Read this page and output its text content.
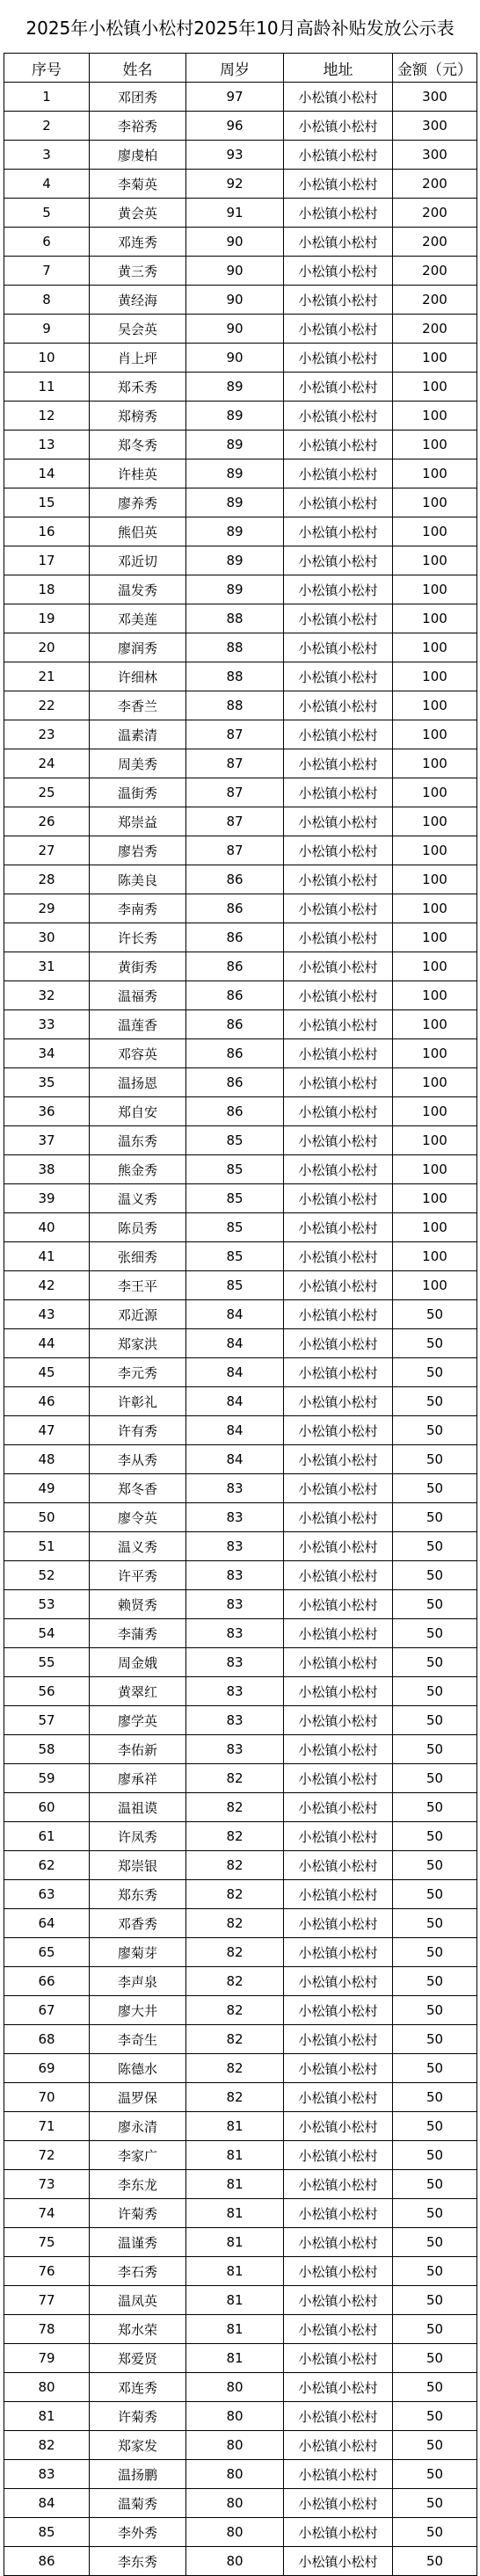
2025年小松镇小松村2025年10月高龄补贴发放公示表
序号	姓名	周岁	地址	金额（元）
1	邓团秀	97	小松镇小松村	300
2	李裕秀	96	小松镇小松村	300
3	廖虔柏	93	小松镇小松村	300
4	李菊英	92	小松镇小松村	200
5	黄会英	91	小松镇小松村	200
6	邓连秀	90	小松镇小松村	200
7	黄三秀	90	小松镇小松村	200
8	黄经海	90	小松镇小松村	200
9	吴会英	90	小松镇小松村	200
10	肖上坪	90	小松镇小松村	100
11	郑禾秀	89	小松镇小松村	100
12	郑榜秀	89	小松镇小松村	100
13	郑冬秀	89	小松镇小松村	100
14	许桂英	89	小松镇小松村	100
15	廖养秀	89	小松镇小松村	100
16	熊侣英	89	小松镇小松村	100
17	邓近切	89	小松镇小松村	100
18	温发秀	89	小松镇小松村	100
19	邓美莲	88	小松镇小松村	100
20	廖润秀	88	小松镇小松村	100
21	许细林	88	小松镇小松村	100
22	李香兰	88	小松镇小松村	100
23	温素清	87	小松镇小松村	100
24	周美秀	87	小松镇小松村	100
25	温街秀	87	小松镇小松村	100
26	郑崇益	87	小松镇小松村	100
27	廖岩秀	87	小松镇小松村	100
28	陈美良	86	小松镇小松村	100
29	李南秀	86	小松镇小松村	100
30	许长秀	86	小松镇小松村	100
31	黄街秀	86	小松镇小松村	100
32	温福秀	86	小松镇小松村	100
33	温莲香	86	小松镇小松村	100
34	邓容英	86	小松镇小松村	100
35	温扬恩	86	小松镇小松村	100
36	郑自安	86	小松镇小松村	100
37	温东秀	85	小松镇小松村	100
38	熊金秀	85	小松镇小松村	100
39	温义秀	85	小松镇小松村	100
40	陈员秀	85	小松镇小松村	100
41	张细秀	85	小松镇小松村	100
42	李王平	85	小松镇小松村	100
43	邓近源	84	小松镇小松村	50
44	郑家洪	84	小松镇小松村	50
45	李元秀	84	小松镇小松村	50
46	许彰礼	84	小松镇小松村	50
47	许有秀	84	小松镇小松村	50
48	李从秀	84	小松镇小松村	50
49	郑冬香	83	小松镇小松村	50
50	廖令英	83	小松镇小松村	50
51	温义秀	83	小松镇小松村	50
52	许平秀	83	小松镇小松村	50
53	赖贤秀	83	小松镇小松村	50
54	李蒲秀	83	小松镇小松村	50
55	周金娥	83	小松镇小松村	50
56	黄翠红	83	小松镇小松村	50
57	廖学英	83	小松镇小松村	50
58	李佑新	83	小松镇小松村	50
59	廖承祥	82	小松镇小松村	50
60	温祖谟	82	小松镇小松村	50
61	许凤秀	82	小松镇小松村	50
62	郑崇银	82	小松镇小松村	50
63	郑东秀	82	小松镇小松村	50
64	邓香秀	82	小松镇小松村	50
65	廖菊芽	82	小松镇小松村	50
66	李声泉	82	小松镇小松村	50
67	廖大井	82	小松镇小松村	50
68	李奇生	82	小松镇小松村	50
69	陈德水	82	小松镇小松村	50
70	温罗保	82	小松镇小松村	50
71	廖永清	81	小松镇小松村	50
72	李家广	81	小松镇小松村	50
73	李东龙	81	小松镇小松村	50
74	许菊秀	81	小松镇小松村	50
75	温谨秀	81	小松镇小松村	50
76	李石秀	81	小松镇小松村	50
77	温凤英	81	小松镇小松村	50
78	郑水荣	81	小松镇小松村	50
79	郑爱贤	81	小松镇小松村	50
80	邓连秀	80	小松镇小松村	50
81	许菊秀	80	小松镇小松村	50
82	郑家发	80	小松镇小松村	50
83	温扬鹏	80	小松镇小松村	50
84	温菊秀	80	小松镇小松村	50
85	李外秀	80	小松镇小松村	50
86	李东秀	80	小松镇小松村	50
